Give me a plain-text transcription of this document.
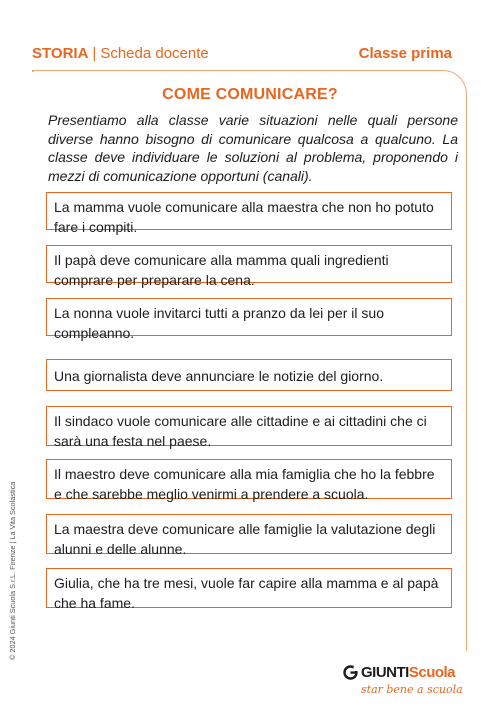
STORIA | Scheda docente	Classe prima
COME COMUNICARE?
Presentiamo alla classe varie situazioni nelle quali persone diverse hanno bisogno di comunicare qualcosa a qualcuno. La classe deve individuare le soluzioni al problema, proponendo i mezzi di comunicazione opportuni (canali).
La mamma vuole comunicare alla maestra che non ho potuto fare i compiti.
Il papà deve comunicare alla mamma quali ingredienti comprare per preparare la cena.
La nonna vuole invitarci tutti a pranzo da lei per il suo compleanno.
Una giornalista deve annunciare le notizie del giorno.
Il sindaco vuole comunicare alle cittadine e ai cittadini che ci sarà una festa nel paese.
Il maestro deve comunicare alla mia famiglia che ho la febbre e che sarebbe meglio venirmi a prendere a scuola.
La maestra deve comunicare alle famiglie la valutazione degli alunni e delle alunne.
Giulia, che ha tre mesi, vuole far capire alla mamma e al papà che ha fame.
© 2024 Giunti Scuola S.r.L. Firenze | La Vita Scolastica
GIUNTIScuola
star bene a scuola
